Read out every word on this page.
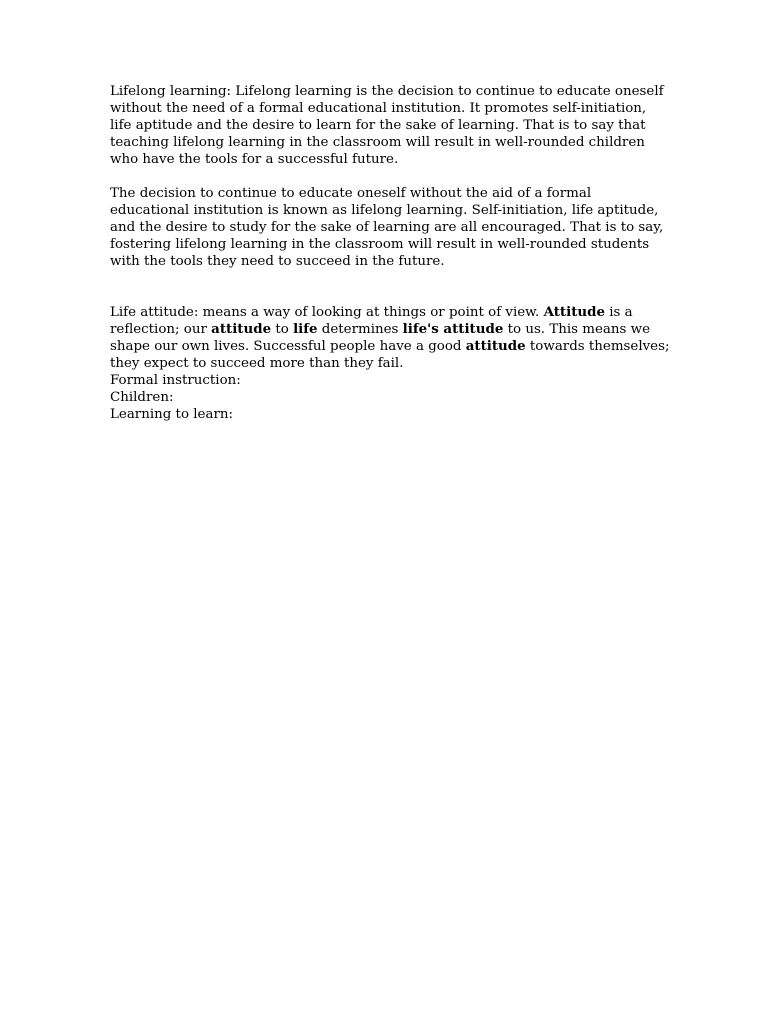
Lifelong learning: Lifelong learning is the decision to continue to educate oneself without the need of a formal educational institution. It promotes self-initiation, life aptitude and the desire to learn for the sake of learning. That is to say that teaching lifelong learning in the classroom will result in well-rounded children who have the tools for a successful future.

The decision to continue to educate oneself without the aid of a formal educational institution is known as lifelong learning. Self-initiation, life aptitude, and the desire to study for the sake of learning are all encouraged. That is to say, fostering lifelong learning in the classroom will result in well-rounded students with the tools they need to succeed in the future.

Life attitude: means a way of looking at things or point of view. Attitude is a reflection; our attitude to life determines life's attitude to us. This means we shape our own lives. Successful people have a good attitude towards themselves; they expect to succeed more than they fail.

Formal instruction:

Children:

Learning to learn:
